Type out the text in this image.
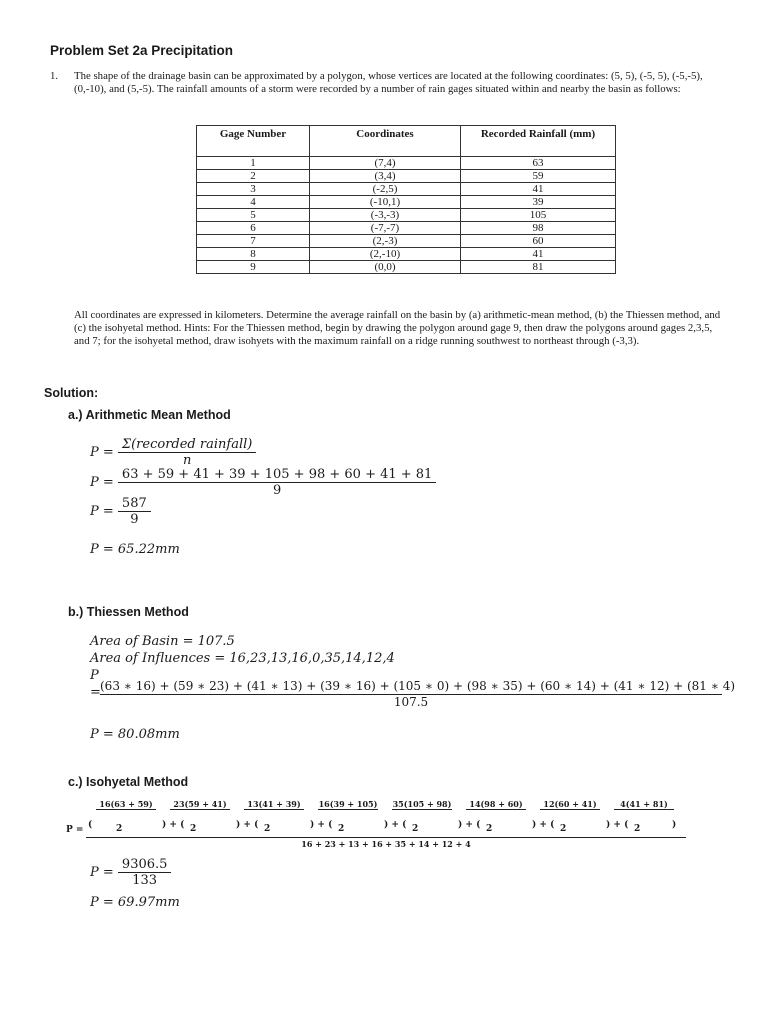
Problem Set 2a Precipitation
1. The shape of the drainage basin can be approximated by a polygon, whose vertices are located at the following coordinates: (5, 5), (-5, 5), (-5,-5), (0,-10), and (5,-5). The rainfall amounts of a storm were recorded by a number of rain gages situated within and nearby the basin as follows:
Gage Number	Coordinates	Recorded Rainfall (mm)
1	(7,4)	63
2	(3,4)	59
3	(-2,5)	41
4	(-10,1)	39
5	(-3,-3)	105
6	(-7,-7)	98
7	(2,-3)	60
8	(2,-10)	41
9	(0,0)	81
All coordinates are expressed in kilometers. Determine the average rainfall on the basin by (a) arithmetic-mean method, (b) the Thiessen method, and (c) the isohyetal method. Hints: For the Thiessen method, begin by drawing the polygon around gage 9, then draw the polygons around gages 2,3,5, and 7; for the isohyetal method, draw isohyets with the maximum rainfall on a ridge running southwest to northeast through (-3,3).
Solution:
a.) Arithmetic Mean Method
$P = \frac{\text{Σ(recorded rainfall)}}{n}$
$P = \frac{63 + 59 + 41 + 39 + 105 + 98 + 60 + 41 + 81}{9}$
$P = \frac{587}{9}$
P = 65.22mm
b.) Thiessen Method
Area of Basin = 107.5
Area of Influences = 16,23,13,16,0,35,14,12,4
P
= (63 ∗ 16) + (59 ∗ 23) + (41 ∗ 13) + (39 ∗ 16) + (105 ∗ 0) + (98 ∗ 35) + (60 ∗ 14) + (41 ∗ 12) + (81 ∗ 4)
107.5
P = 80.08mm
c.) Isohyetal Method
P =
16(63 + 59)
2
(
23(59 + 41)
2
) + (
13(41 + 39)
2
) + (
16(39 + 105)
2
) + (
35(105 + 98)
2
) + (
14(98 + 60)
2
) + (
12(60 + 41)
2
) + (
4(41 + 81)
2
) + (	)
16 + 23 + 13 + 16 + 35 + 14 + 12 + 4
$P = \frac{9306.5}{133}$
P = 69.97mm
